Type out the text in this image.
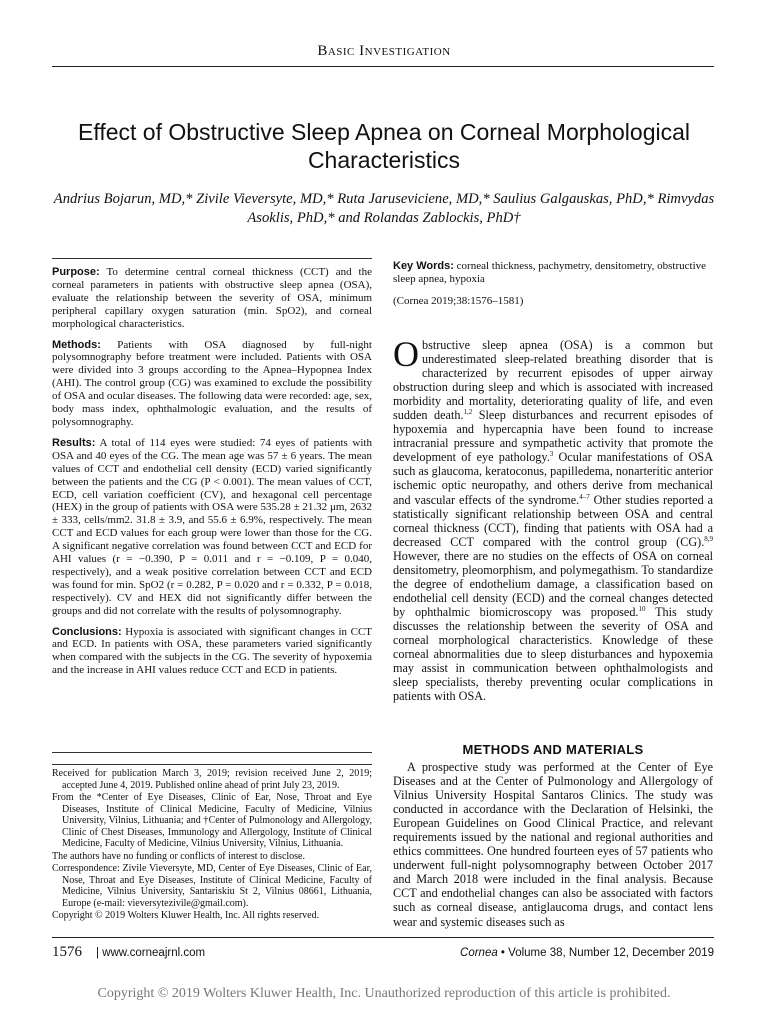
Basic Investigation
Effect of Obstructive Sleep Apnea on Corneal Morphological Characteristics
Andrius Bojarun, MD,* Zivile Vieversyte, MD,* Ruta Jaruseviciene, MD,* Saulius Galgauskas, PhD,* Rimvydas Asoklis, PhD,* and Rolandas Zablockis, PhD†

Purpose: To determine central corneal thickness (CCT) and the corneal parameters in patients with obstructive sleep apnea (OSA), evaluate the relationship between the severity of OSA, minimum peripheral capillary oxygen saturation (min. SpO2), and corneal morphological characteristics.

Methods: Patients with OSA diagnosed by full-night polysomnography before treatment were included. Patients with OSA were divided into 3 groups according to the Apnea–Hypopnea Index (AHI). The control group (CG) was examined to exclude the possibility of OSA and ocular diseases. The following data were recorded: age, sex, body mass index, ophthalmologic evaluation, and the results of polysomnography.

Results: A total of 114 eyes were studied: 74 eyes of patients with OSA and 40 eyes of the CG. The mean age was 57 ± 6 years. The mean values of CCT and endothelial cell density (ECD) varied significantly between the patients and the CG (P < 0.001). The mean values of CCT, ECD, cell variation coefficient (CV), and hexagonal cell percentage (HEX) in the group of patients with OSA were 535.28 ± 21.32 μm, 2632 ± 333, cells/mm2. 31.8 ± 3.9, and 55.6 ± 6.9%, respectively. The mean CCT and ECD values for each group were lower than those for the CG. A significant negative correlation was found between CCT and ECD for AHI values (r = −0.390, P = 0.011 and r = −0.109, P = 0.040, respectively), and a weak positive correlation between CCT and ECD was found for min. SpO2 (r = 0.282, P = 0.020 and r = 0.332, P = 0.018, respectively). CV and HEX did not significantly differ between the groups and did not correlate with the results of polysomnography.

Conclusions: Hypoxia is associated with significant changes in CCT and ECD. In patients with OSA, these parameters varied significantly when compared with the subjects in the CG. The severity of hypoxemia and the increase in AHI values reduce CCT and ECD in patients.

Received for publication March 3, 2019; revision received June 2, 2019; accepted June 4, 2019. Published online ahead of print July 23, 2019.

From the *Center of Eye Diseases, Clinic of Ear, Nose, Throat and Eye Diseases, Institute of Clinical Medicine, Faculty of Medicine, Vilnius University, Vilnius, Lithuania; and †Center of Pulmonology and Allergology, Clinic of Chest Diseases, Immunology and Allergology, Institute of Clinical Medicine, Faculty of Medicine, Vilnius University, Vilnius, Lithuania.

The authors have no funding or conflicts of interest to disclose.

Correspondence: Zivile Vieversyte, MD, Center of Eye Diseases, Clinic of Ear, Nose, Throat and Eye Diseases, Institute of Clinical Medicine, Faculty of Medicine, Vilnius University, Santariskiu St 2, Vilnius 08661, Lithuania, Europe (e-mail: vieversytezivile@gmail.com).

Copyright © 2019 Wolters Kluwer Health, Inc. All rights reserved.

Key Words: corneal thickness, pachymetry, densitometry, obstructive sleep apnea, hypoxia
(Cornea 2019;38:1576–1581)
Obstructive sleep apnea (OSA) is a common but underestimated sleep-related breathing disorder that is characterized by recurrent episodes of upper airway obstruction during sleep and which is associated with increased morbidity and mortality, deteriorating quality of life, and even sudden death.$^{1,2}$ Sleep disturbances and recurrent episodes of hypoxemia and hypercapnia have been found to increase intracranial pressure and sympathetic activity that promote the development of eye pathology.$^3$ Ocular manifestations of OSA such as glaucoma, keratoconus, papilledema, nonarteritic anterior ischemic optic neuropathy, and others derive from mechanical and vascular effects of the syndrome.$^{4-7}$ Other studies reported a statistically significant relationship between OSA and central corneal thickness (CCT), finding that patients with OSA had a decreased CCT compared with the control group (CG).$^{8,9}$ However, there are no studies on the effects of OSA on corneal densitometry, pleomorphism, and polymegathism. To standardize the degree of endothelium damage, a classification based on endothelial cell density (ECD) and the corneal changes detected by ophthalmic biomicroscopy was proposed.$^{10}$ This study discusses the relationship between the severity of OSA and corneal morphological characteristics. Knowledge of these corneal abnormalities due to sleep disturbances and hypoxemia may assist in communication between ophthalmologists and sleep specialists, thereby preventing ocular complications in patients with OSA.
METHODS AND MATERIALS
A prospective study was performed at the Center of Eye Diseases and at the Center of Pulmonology and Allergology of Vilnius University Hospital Santaros Clinics. The study was conducted in accordance with the Declaration of Helsinki, the European Guidelines on Good Clinical Practice, and relevant requirements issued by the national and regional authorities and ethics committees. One hundred fourteen eyes of 57 patients who underwent full-night polysomnography between October 2017 and March 2018 were included in the final analysis. Because CCT and endothelial changes can also be associated with factors such as corneal disease, antiglaucoma drugs, and contact lens wear and systemic diseases such as
1576 | www.corneajrnl.com	Cornea • Volume 38, Number 12, December 2019
Copyright © 2019 Wolters Kluwer Health, Inc. Unauthorized reproduction of this article is prohibited.
